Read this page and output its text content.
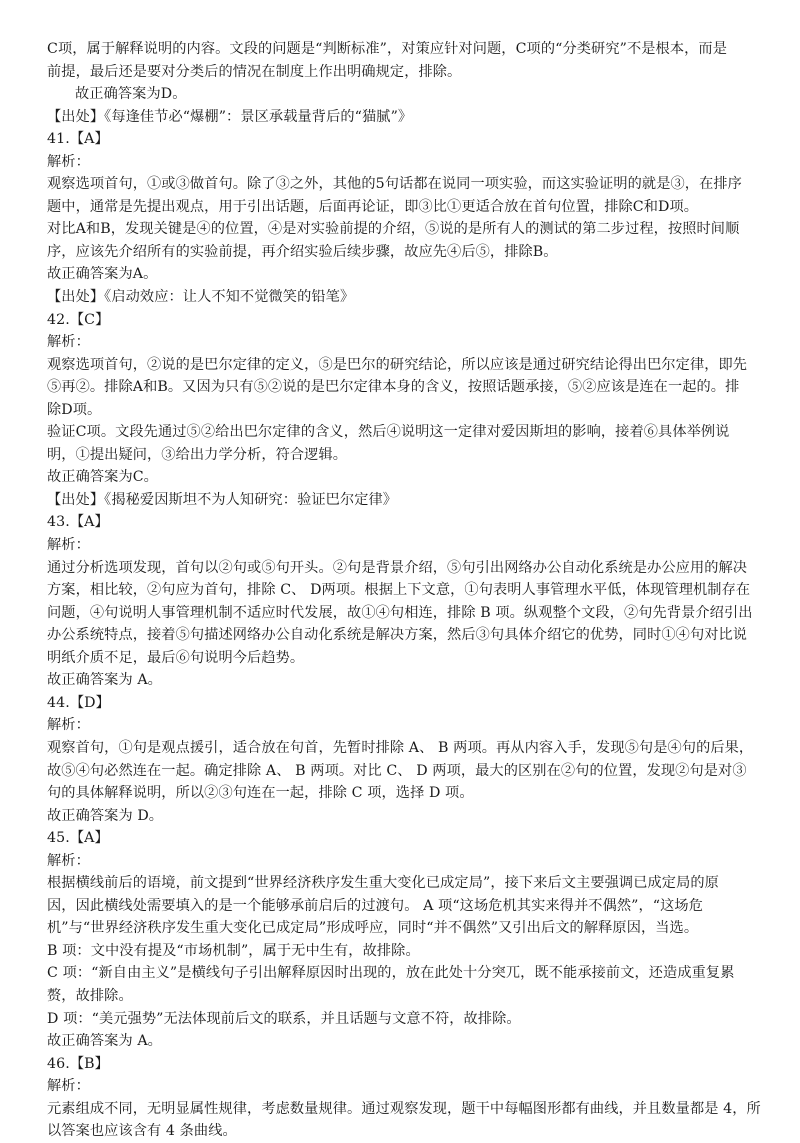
C项，属于解释说明的内容。文段的问题是“判断标准”，对策应针对问题，C项的“分类研究”不是根本，而是
前提，最后还是要对分类后的情况在制度上作出明确规定，排除。
故正确答案为D。
【出处】《每逢佳节必“爆棚”：景区承载量背后的“猫腻”》
41.【A】
解析：
观察选项首句，①或③做首句。除了③之外，其他的5句话都在说同一项实验，而这实验证明的就是③，在排序
题中，通常是先提出观点，用于引出话题，后面再论证，即③比①更适合放在首句位置，排除C和D项。
对比A和B，发现关键是④的位置，④是对实验前提的介绍，⑤说的是所有人的测试的第二步过程，按照时间顺
序，应该先介绍所有的实验前提，再介绍实验后续步骤，故应先④后⑤，排除B。
故正确答案为A。
【出处】《启动效应：让人不知不觉微笑的铅笔》
42.【C】
解析：
观察选项首句，②说的是巴尔定律的定义，⑤是巴尔的研究结论，所以应该是通过研究结论得出巴尔定律，即先
⑤再②。排除A和B。又因为只有⑤②说的是巴尔定律本身的含义，按照话题承接，⑤②应该是连在一起的。排
除D项。
验证C项。文段先通过⑤②给出巴尔定律的含义，然后④说明这一定律对爱因斯坦的影响，接着⑥具体举例说
明，①提出疑问，③给出力学分析，符合逻辑。
故正确答案为C。
【出处】《揭秘爱因斯坦不为人知研究：验证巴尔定律》
43.【A】
解析：
通过分析选项发现，首句以②句或⑤句开头。②句是背景介绍，⑤句引出网络办公自动化系统是办公应用的解决
方案，相比较，②句应为首句，排除 C、 D两项。根据上下文意，①句表明人事管理水平低，体现管理机制存在
问题，④句说明人事管理机制不适应时代发展，故①④句相连，排除 B 项。纵观整个文段，②句先背景介绍引出
办公系统特点，接着⑤句描述网络办公自动化系统是解决方案，然后③句具体介绍它的优势，同时①④句对比说
明纸介质不足，最后⑥句说明今后趋势。
故正确答案为 A。
44.【D】
解析：
观察首句，①句是观点援引，适合放在句首，先暂时排除 A、 B 两项。再从内容入手，发现⑤句是④句的后果，
故⑤④句必然连在一起。确定排除 A、 B 两项。对比 C、 D 两项，最大的区别在②句的位置，发现②句是对③
句的具体解释说明，所以②③句连在一起，排除 C 项，选择 D 项。
故正确答案为 D。
45.【A】
解析：
根据横线前后的语境，前文提到“世界经济秩序发生重大变化已成定局”，接下来后文主要强调已成定局的原
因，因此横线处需要填入的是一个能够承前启后的过渡句。 A 项“这场危机其实来得并不偶然”，“这场危
机”与“世界经济秩序发生重大变化已成定局”形成呼应，同时“并不偶然”又引出后文的解释原因，当选。
B 项：文中没有提及“市场机制”，属于无中生有，故排除。
C 项：“新自由主义”是横线句子引出解释原因时出现的，放在此处十分突兀，既不能承接前文，还造成重复累
赘，故排除。
D 项：“美元强势”无法体现前后文的联系，并且话题与文意不符，故排除。
故正确答案为 A。
46.【B】
解析：
元素组成不同，无明显属性规律，考虑数量规律。通过观察发现，题干中每幅图形都有曲线，并且数量都是 4，所
以答案也应该含有 4 条曲线。
